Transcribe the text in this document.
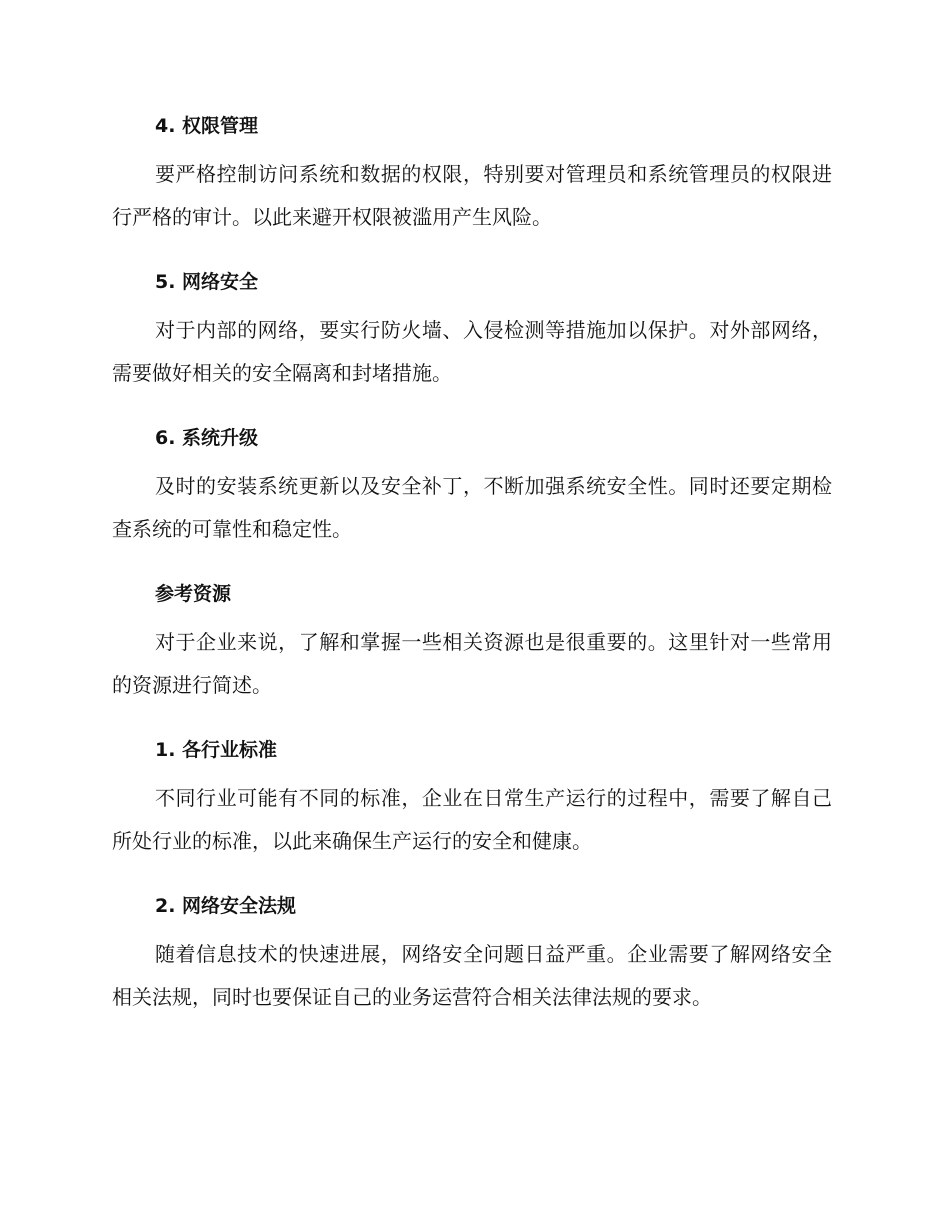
4. 权限管理

要严格控制访问系统和数据的权限，特别要对管理员和系统管理员的权限进行严格的审计。以此来避开权限被滥用产生风险。

5. 网络安全

对于内部的网络，要实行防火墙、入侵检测等措施加以保护。对外部网络，需要做好相关的安全隔离和封堵措施。

6. 系统升级

及时的安装系统更新以及安全补丁，不断加强系统安全性。同时还要定期检查系统的可靠性和稳定性。

参考资源

对于企业来说，了解和掌握一些相关资源也是很重要的。这里针对一些常用的资源进行简述。

1. 各行业标准

不同行业可能有不同的标准，企业在日常生产运行的过程中，需要了解自己所处行业的标准，以此来确保生产运行的安全和健康。

2. 网络安全法规

随着信息技术的快速进展，网络安全问题日益严重。企业需要了解网络安全相关法规，同时也要保证自己的业务运营符合相关法律法规的要求。
